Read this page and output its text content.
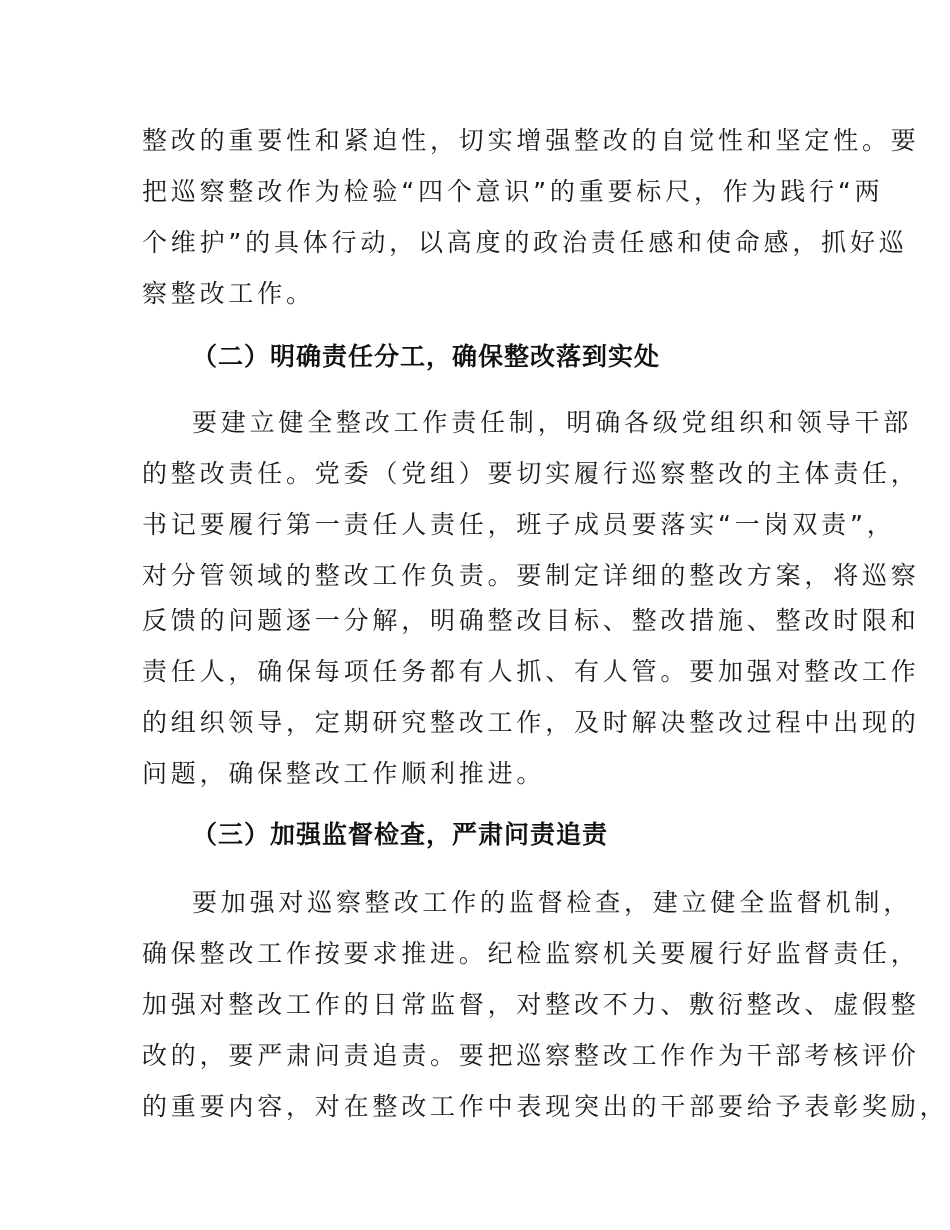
整改的重要性和紧迫性，切实增强整改的自觉性和坚定性。要

把巡察整改作为检验“四个意识”的重要标尺，作为践行“两

个维护”的具体行动，以高度的政治责任感和使命感，抓好巡

察整改工作。

（二）明确责任分工，确保整改落到实处

要建立健全整改工作责任制，明确各级党组织和领导干部

的整改责任。党委（党组）要切实履行巡察整改的主体责任，

书记要履行第一责任人责任，班子成员要落实“一岗双责”，

对分管领域的整改工作负责。要制定详细的整改方案，将巡察

反馈的问题逐一分解，明确整改目标、整改措施、整改时限和

责任人，确保每项任务都有人抓、有人管。要加强对整改工作

的组织领导，定期研究整改工作，及时解决整改过程中出现的

问题，确保整改工作顺利推进。

（三）加强监督检查，严肃问责追责

要加强对巡察整改工作的监督检查，建立健全监督机制，

确保整改工作按要求推进。纪检监察机关要履行好监督责任，

加强对整改工作的日常监督，对整改不力、敷衍整改、虚假整

改的，要严肃问责追责。要把巡察整改工作作为干部考核评价

的重要内容，对在整改工作中表现突出的干部要给予表彰奖励，
